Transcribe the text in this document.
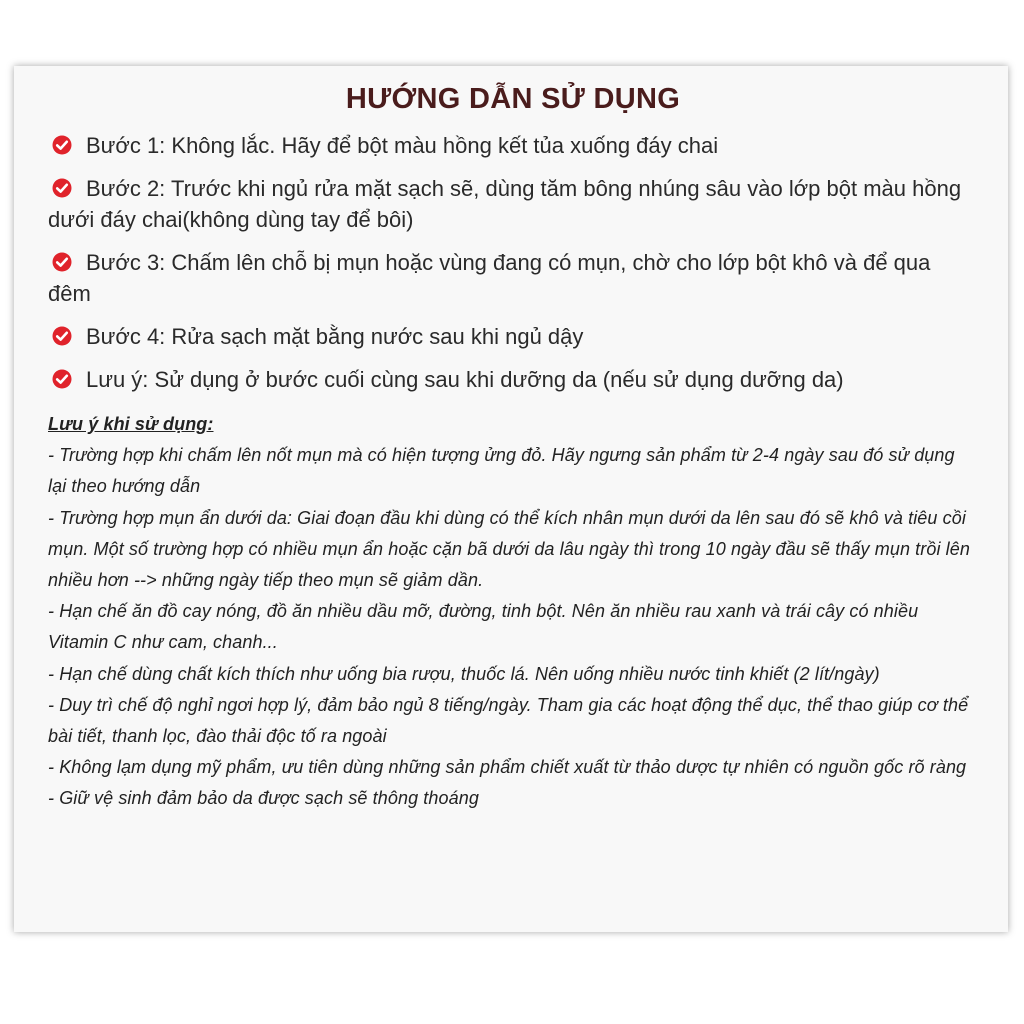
HƯỚNG DẪN SỬ DỤNG
Bước 1: Không lắc. Hãy để bột màu hồng kết tủa xuống đáy chai
Bước 2: Trước khi ngủ rửa mặt sạch sẽ, dùng tăm bông nhúng sâu vào lớp bột màu hồng dưới đáy chai(không dùng tay để bôi)
Bước 3: Chấm lên chỗ bị mụn hoặc vùng đang có mụn, chờ cho lớp bột khô và để qua đêm
Bước 4: Rửa sạch mặt bằng nước sau khi ngủ dậy
Lưu ý: Sử dụng ở bước cuối cùng sau khi dưỡng da (nếu sử dụng dưỡng da)

Lưu ý khi sử dụng:

- Trường hợp khi chấm lên nốt mụn mà có hiện tượng ửng đỏ. Hãy ngưng sản phẩm từ 2-4 ngày sau đó sử dụng lại theo hướng dẫn

- Trường hợp mụn ẩn dưới da: Giai đoạn đầu khi dùng có thể kích nhân mụn dưới da lên sau đó sẽ khô và tiêu cồi mụn. Một số trường hợp có nhiều mụn ẩn hoặc cặn bã dưới da lâu ngày thì trong 10 ngày đầu sẽ thấy mụn trồi lên nhiều hơn --> những ngày tiếp theo mụn sẽ giảm dần.

- Hạn chế ăn đồ cay nóng, đồ ăn nhiều dầu mỡ, đường, tinh bột. Nên ăn nhiều rau xanh và trái cây có nhiều Vitamin C như cam, chanh...

- Hạn chế dùng chất kích thích như uống bia rượu, thuốc lá. Nên uống nhiều nước tinh khiết (2 lít/ngày)

- Duy trì chế độ nghỉ ngơi hợp lý, đảm bảo ngủ 8 tiếng/ngày. Tham gia các hoạt động thể dục, thể thao giúp cơ thể bài tiết, thanh lọc, đào thải độc tố ra ngoài

- Không lạm dụng mỹ phẩm, ưu tiên dùng những sản phẩm chiết xuất từ thảo dược tự nhiên có nguồn gốc rõ ràng

- Giữ vệ sinh đảm bảo da được sạch sẽ thông thoáng
